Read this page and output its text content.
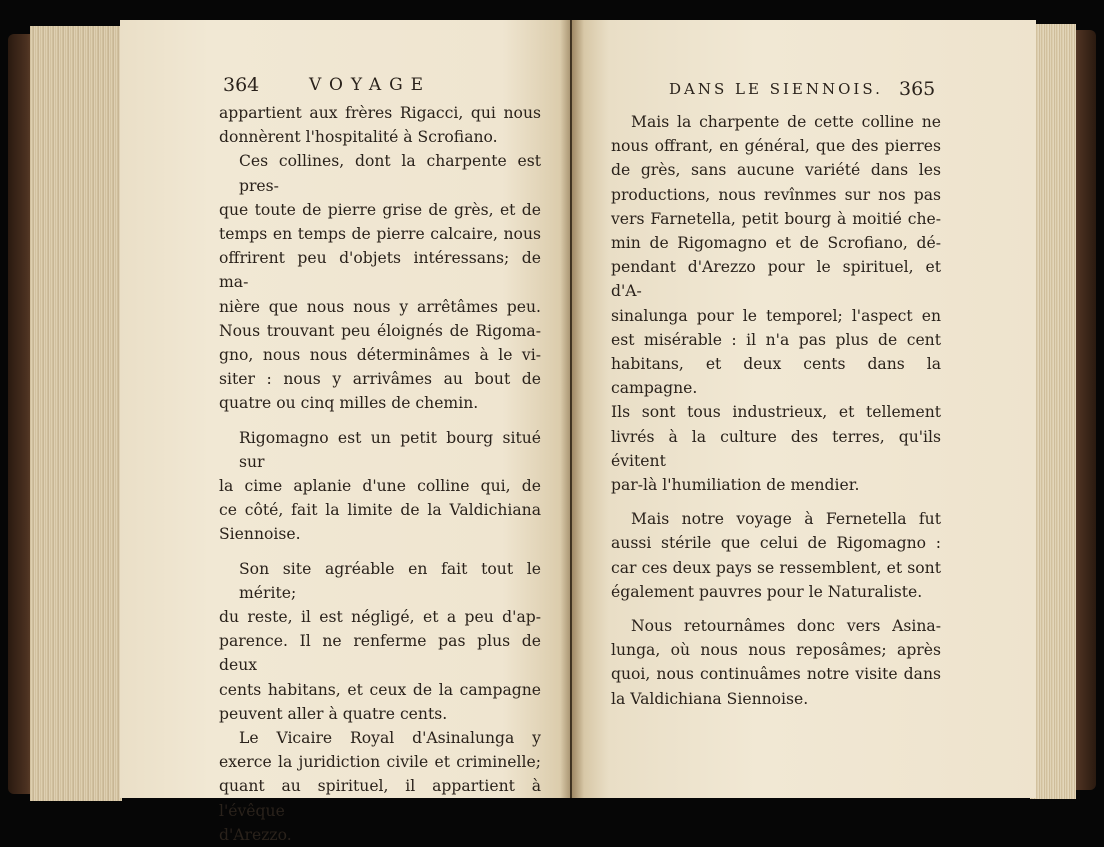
364	VOYAGE	DANS LE SIENNOIS. 365
appartient aux frères Rigacci, qui nous
donnèrent l'hospitalité à Scrofiano.
Ces collines, dont la charpente est pres-
que toute de pierre grise de grès, et de
temps en temps de pierre calcaire, nous
offrirent peu d'objets intéressans; de ma-
nière que nous nous y arrêtâmes peu.
Nous trouvant peu éloignés de Rigoma-
gno, nous nous déterminâmes à le vi-
siter : nous y arrivâmes au bout de
quatre ou cinq milles de chemin.
Rigomagno est un petit bourg situé sur
la cime aplanie d'une colline qui, de
ce côté, fait la limite de la Valdichiana
Siennoise.
Son site agréable en fait tout le mérite;
du reste, il est négligé, et a peu d'ap-
parence. Il ne renferme pas plus de deux
cents habitans, et ceux de la campagne
peuvent aller à quatre cents.
Le Vicaire Royal d'Asinalunga y
exerce la juridiction civile et criminelle;
quant au spirituel, il appartient à l'évêque
d'Arezzo.
Mais la charpente de cette colline ne
nous offrant, en général, que des pierres
de grès, sans aucune variété dans les
productions, nous revînmes sur nos pas
vers Farnetella, petit bourg à moitié che-
min de Rigomagno et de Scrofiano, dé-
pendant d'Arezzo pour le spirituel, et d'A-
sinalunga pour le temporel; l'aspect en
est misérable : il n'a pas plus de cent
habitans, et deux cents dans la campagne.
Ils sont tous industrieux, et tellement
livrés à la culture des terres, qu'ils évitent
par-là l'humiliation de mendier.
Mais notre voyage à Fernetella fut
aussi stérile que celui de Rigomagno :
car ces deux pays se ressemblent, et sont
également pauvres pour le Naturaliste.
Nous retournâmes donc vers Asina-
lunga, où nous nous reposâmes; après
quoi, nous continuâmes notre visite dans
la Valdichiana Siennoise.
